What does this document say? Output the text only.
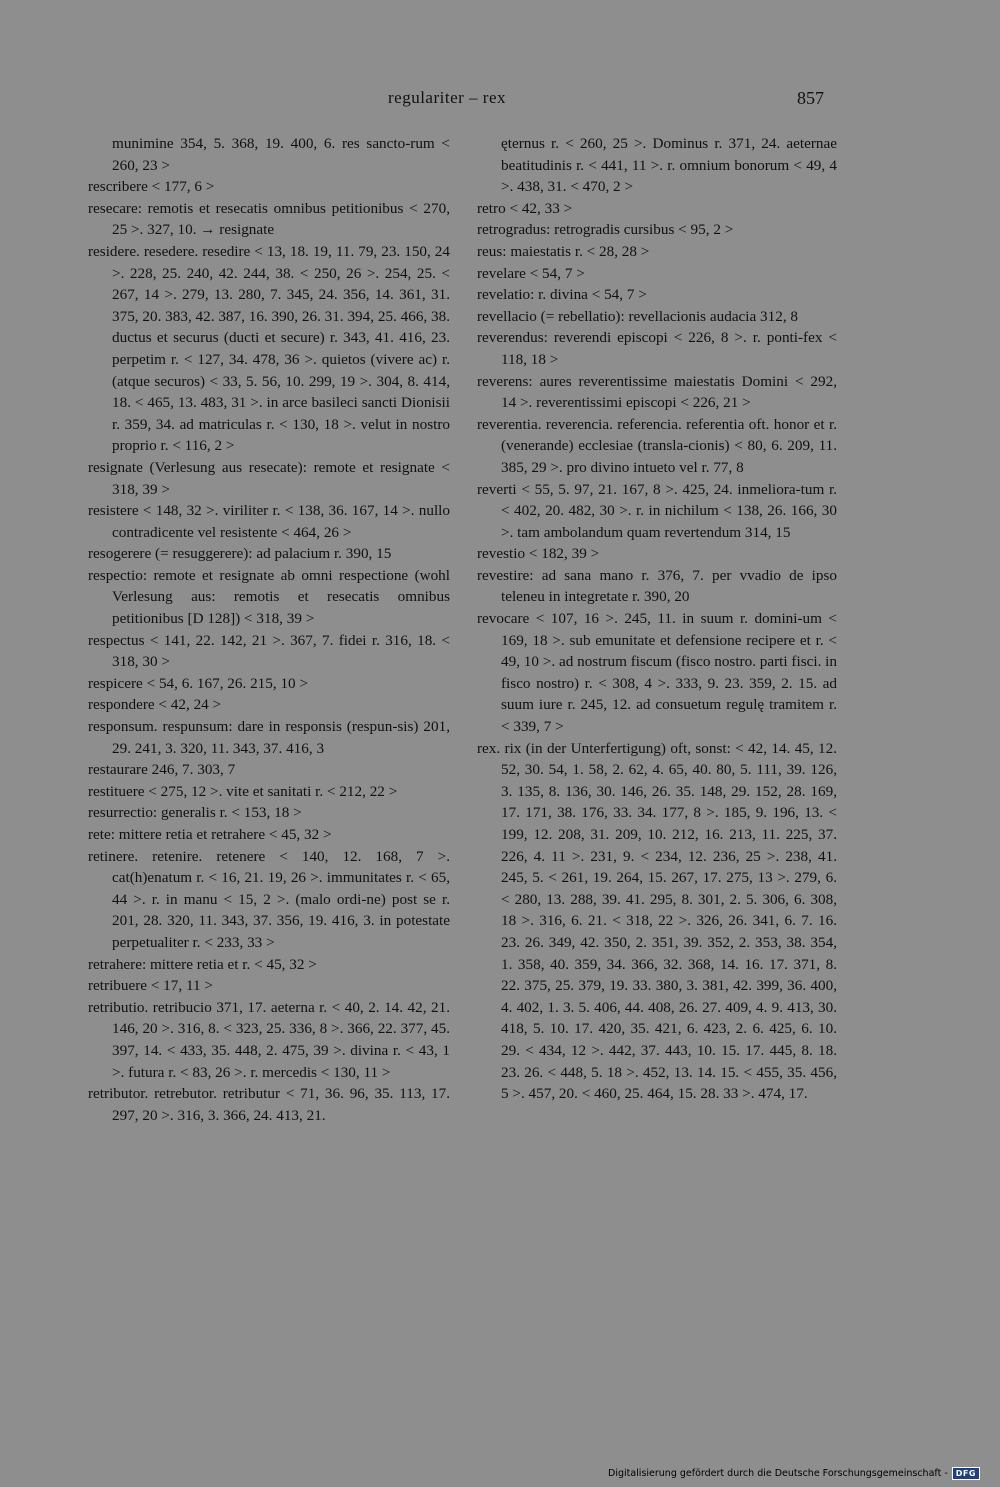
regulariter – rex	857

munimine 354, 5. 368, 19. 400, 6. res sancto-rum < 260, 23 >

rescribere < 177, 6 >

resecare: remotis et resecatis omnibus petitionibus < 270, 25 >. 327, 10. → resignate

residere. resedere. resedire < 13, 18. 19, 11. 79, 23. 150, 24 >. 228, 25. 240, 42. 244, 38. < 250, 26 >. 254, 25. < 267, 14 >. 279, 13. 280, 7. 345, 24. 356, 14. 361, 31. 375, 20. 383, 42. 387, 16. 390, 26. 31. 394, 25. 466, 38. ductus et securus (ducti et secure) r. 343, 41. 416, 23. perpetim r. < 127, 34. 478, 36 >. quietos (vivere ac) r. (atque securos) < 33, 5. 56, 10. 299, 19 >. 304, 8. 414, 18. < 465, 13. 483, 31 >. in arce basileci sancti Dionisii r. 359, 34. ad matriculas r. < 130, 18 >. velut in nostro proprio r. < 116, 2 >

resignate (Verlesung aus resecate): remote et resignate < 318, 39 >

resistere < 148, 32 >. viriliter r. < 138, 36. 167, 14 >. nullo contradicente vel resistente < 464, 26 >

resogerere (= resuggerere): ad palacium r. 390, 15

respectio: remote et resignate ab omni respectione (wohl Verlesung aus: remotis et resecatis omnibus petitionibus [D 128]) < 318, 39 >

respectus < 141, 22. 142, 21 >. 367, 7. fidei r. 316, 18. < 318, 30 >

respicere < 54, 6. 167, 26. 215, 10 >

respondere < 42, 24 >

responsum. respunsum: dare in responsis (respun-sis) 201, 29. 241, 3. 320, 11. 343, 37. 416, 3

restaurare 246, 7. 303, 7

restituere < 275, 12 >. vite et sanitati r. < 212, 22 >

resurrectio: generalis r. < 153, 18 >

rete: mittere retia et retrahere < 45, 32 >

retinere. retenire. retenere < 140, 12. 168, 7 >. cat(h)enatum r. < 16, 21. 19, 26 >. immunitates r. < 65, 44 >. r. in manu < 15, 2 >. (malo ordi-ne) post se r. 201, 28. 320, 11. 343, 37. 356, 19. 416, 3. in potestate perpetualiter r. < 233, 33 >

retrahere: mittere retia et r. < 45, 32 >

retribuere < 17, 11 >

retributio. retribucio 371, 17. aeterna r. < 40, 2. 14. 42, 21. 146, 20 >. 316, 8. < 323, 25. 336, 8 >. 366, 22. 377, 45. 397, 14. < 433, 35. 448, 2. 475, 39 >. divina r. < 43, 1 >. futura r. < 83, 26 >. r. mercedis < 130, 11 >

retributor. retrebutor. retributur < 71, 36. 96, 35. 113, 17. 297, 20 >. 316, 3. 366, 24. 413, 21.

ęternus r. < 260, 25 >. Dominus r. 371, 24. aeternae beatitudinis r. < 441, 11 >. r. omnium bonorum < 49, 4 >. 438, 31. < 470, 2 >

retro < 42, 33 >

retrogradus: retrogradis cursibus < 95, 2 >

reus: maiestatis r. < 28, 28 >

revelare < 54, 7 >

revelatio: r. divina < 54, 7 >

revellacio (= rebellatio): revellacionis audacia 312, 8

reverendus: reverendi episcopi < 226, 8 >. r. ponti-fex < 118, 18 >

reverens: aures reverentissime maiestatis Domini < 292, 14 >. reverentissimi episcopi < 226, 21 >

reverentia. reverencia. referencia. referentia oft. honor et r. (venerande) ecclesiae (transla-cionis) < 80, 6. 209, 11. 385, 29 >. pro divino intueto vel r. 77, 8

reverti < 55, 5. 97, 21. 167, 8 >. 425, 24. inmeliora-tum r. < 402, 20. 482, 30 >. r. in nichilum < 138, 26. 166, 30 >. tam ambolandum quam revertendum 314, 15

revestio < 182, 39 >

revestire: ad sana mano r. 376, 7. per vvadio de ipso teleneu in integretate r. 390, 20

revocare < 107, 16 >. 245, 11. in suum r. domini-um < 169, 18 >. sub emunitate et defensione recipere et r. < 49, 10 >. ad nostrum fiscum (fisco nostro. parti fisci. in fisco nostro) r. < 308, 4 >. 333, 9. 23. 359, 2. 15. ad suum iure r. 245, 12. ad consuetum regulę tramitem r. < 339, 7 >

rex. rix (in der Unterfertigung) oft, sonst: < 42, 14. 45, 12. 52, 30. 54, 1. 58, 2. 62, 4. 65, 40. 80, 5. 111, 39. 126, 3. 135, 8. 136, 30. 146, 26. 35. 148, 29. 152, 28. 169, 17. 171, 38. 176, 33. 34. 177, 8 >. 185, 9. 196, 13. < 199, 12. 208, 31. 209, 10. 212, 16. 213, 11. 225, 37. 226, 4. 11 >. 231, 9. < 234, 12. 236, 25 >. 238, 41. 245, 5. < 261, 19. 264, 15. 267, 17. 275, 13 >. 279, 6. < 280, 13. 288, 39. 41. 295, 8. 301, 2. 5. 306, 6. 308, 18 >. 316, 6. 21. < 318, 22 >. 326, 26. 341, 6. 7. 16. 23. 26. 349, 42. 350, 2. 351, 39. 352, 2. 353, 38. 354, 1. 358, 40. 359, 34. 366, 32. 368, 14. 16. 17. 371, 8. 22. 375, 25. 379, 19. 33. 380, 3. 381, 42. 399, 36. 400, 4. 402, 1. 3. 5. 406, 44. 408, 26. 27. 409, 4. 9. 413, 30. 418, 5. 10. 17. 420, 35. 421, 6. 423, 2. 6. 425, 6. 10. 29. < 434, 12 >. 442, 37. 443, 10. 15. 17. 445, 8. 18. 23. 26. < 448, 5. 18 >. 452, 13. 14. 15. < 455, 35. 456, 5 >. 457, 20. < 460, 25. 464, 15. 28. 33 >. 474, 17.

Digitalisierung gefördert durch die Deutsche Forschungsgemeinschaft -	DFG
